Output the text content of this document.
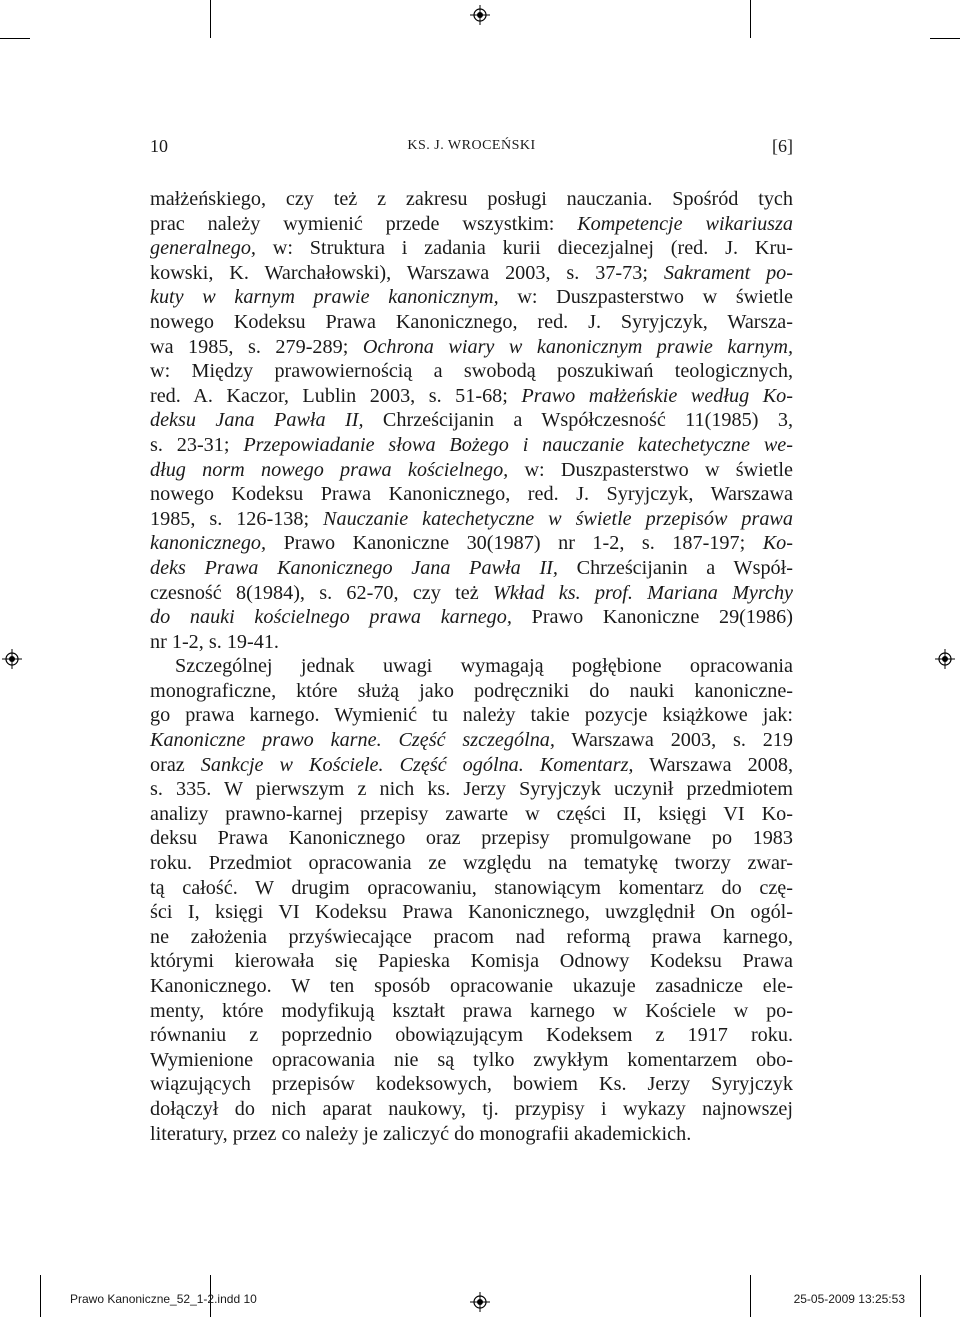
10	KS. J. WROCEŃSKI	[6]
małżeńskiego, czy też z zakresu posługi nauczania. Spośród tych
prac należy wymienić przede wszystkim: Kompetencje wikariusza
generalnego, w: Struktura i zadania kurii diecezjalnej (red. J. Kru-
kowski, K. Warchałowski), Warszawa 2003, s. 37-73; Sakrament po-
kuty w karnym prawie kanonicznym, w: Duszpasterstwo w świetle
nowego Kodeksu Prawa Kanonicznego, red. J. Syryjczyk, Warsza-
wa 1985, s. 279-289; Ochrona wiary w kanonicznym prawie karnym,
w: Między prawowiernością a swobodą poszukiwań teologicznych,
red. A. Kaczor, Lublin 2003, s. 51-68; Prawo małżeńskie według Ko-
deksu Jana Pawła II, Chrześcijanin a Współczesność 11(1985) 3,
s. 23-31; Przepowiadanie słowa Bożego i nauczanie katechetyczne we-
dług norm nowego prawa kościelnego, w: Duszpasterstwo w świetle
nowego Kodeksu Prawa Kanonicznego, red. J. Syryjczyk, Warszawa
1985, s. 126-138; Nauczanie katechetyczne w świetle przepisów prawa
kanonicznego, Prawo Kanoniczne 30(1987) nr 1-2, s. 187-197; Ko-
deks Prawa Kanonicznego Jana Pawła II, Chrześcijanin a Współ-
czesność 8(1984), s. 62-70, czy też Wkład ks. prof. Mariana Myrchy
do nauki kościelnego prawa karnego, Prawo Kanoniczne 29(1986)
nr 1-2, s. 19-41.
Szczególnej jednak uwagi wymagają pogłębione opracowania
monograficzne, które służą jako podręczniki do nauki kanoniczne-
go prawa karnego. Wymienić tu należy takie pozycje książkowe jak:
Kanoniczne prawo karne. Część szczególna, Warszawa 2003, s. 219
oraz Sankcje w Kościele. Część ogólna. Komentarz, Warszawa 2008,
s. 335. W pierwszym z nich ks. Jerzy Syryjczyk uczynił przedmiotem
analizy prawno-karnej przepisy zawarte w części II, księgi VI Ko-
deksu Prawa Kanonicznego oraz przepisy promulgowane po 1983
roku. Przedmiot opracowania ze względu na tematykę tworzy zwar-
tą całość. W drugim opracowaniu, stanowiącym komentarz do czę-
ści I, księgi VI Kodeksu Prawa Kanonicznego, uwzględnił On ogól-
ne założenia przyświecające pracom nad reformą prawa karnego,
którymi kierowała się Papieska Komisja Odnowy Kodeksu Prawa
Kanonicznego. W ten sposób opracowanie ukazuje zasadnicze ele-
menty, które modyfikują kształt prawa karnego w Kościele w po-
równaniu z poprzednio obowiązującym Kodeksem z 1917 roku.
Wymienione opracowania nie są tylko zwykłym komentarzem obo-
wiązujących przepisów kodeksowych, bowiem Ks. Jerzy Syryjczyk
dołączył do nich aparat naukowy, tj. przypisy i wykazy najnowszej
literatury, przez co należy je zaliczyć do monografii akademickich.
Prawo Kanoniczne_52_1-2.indd 10	25-05-2009 13:25:53
